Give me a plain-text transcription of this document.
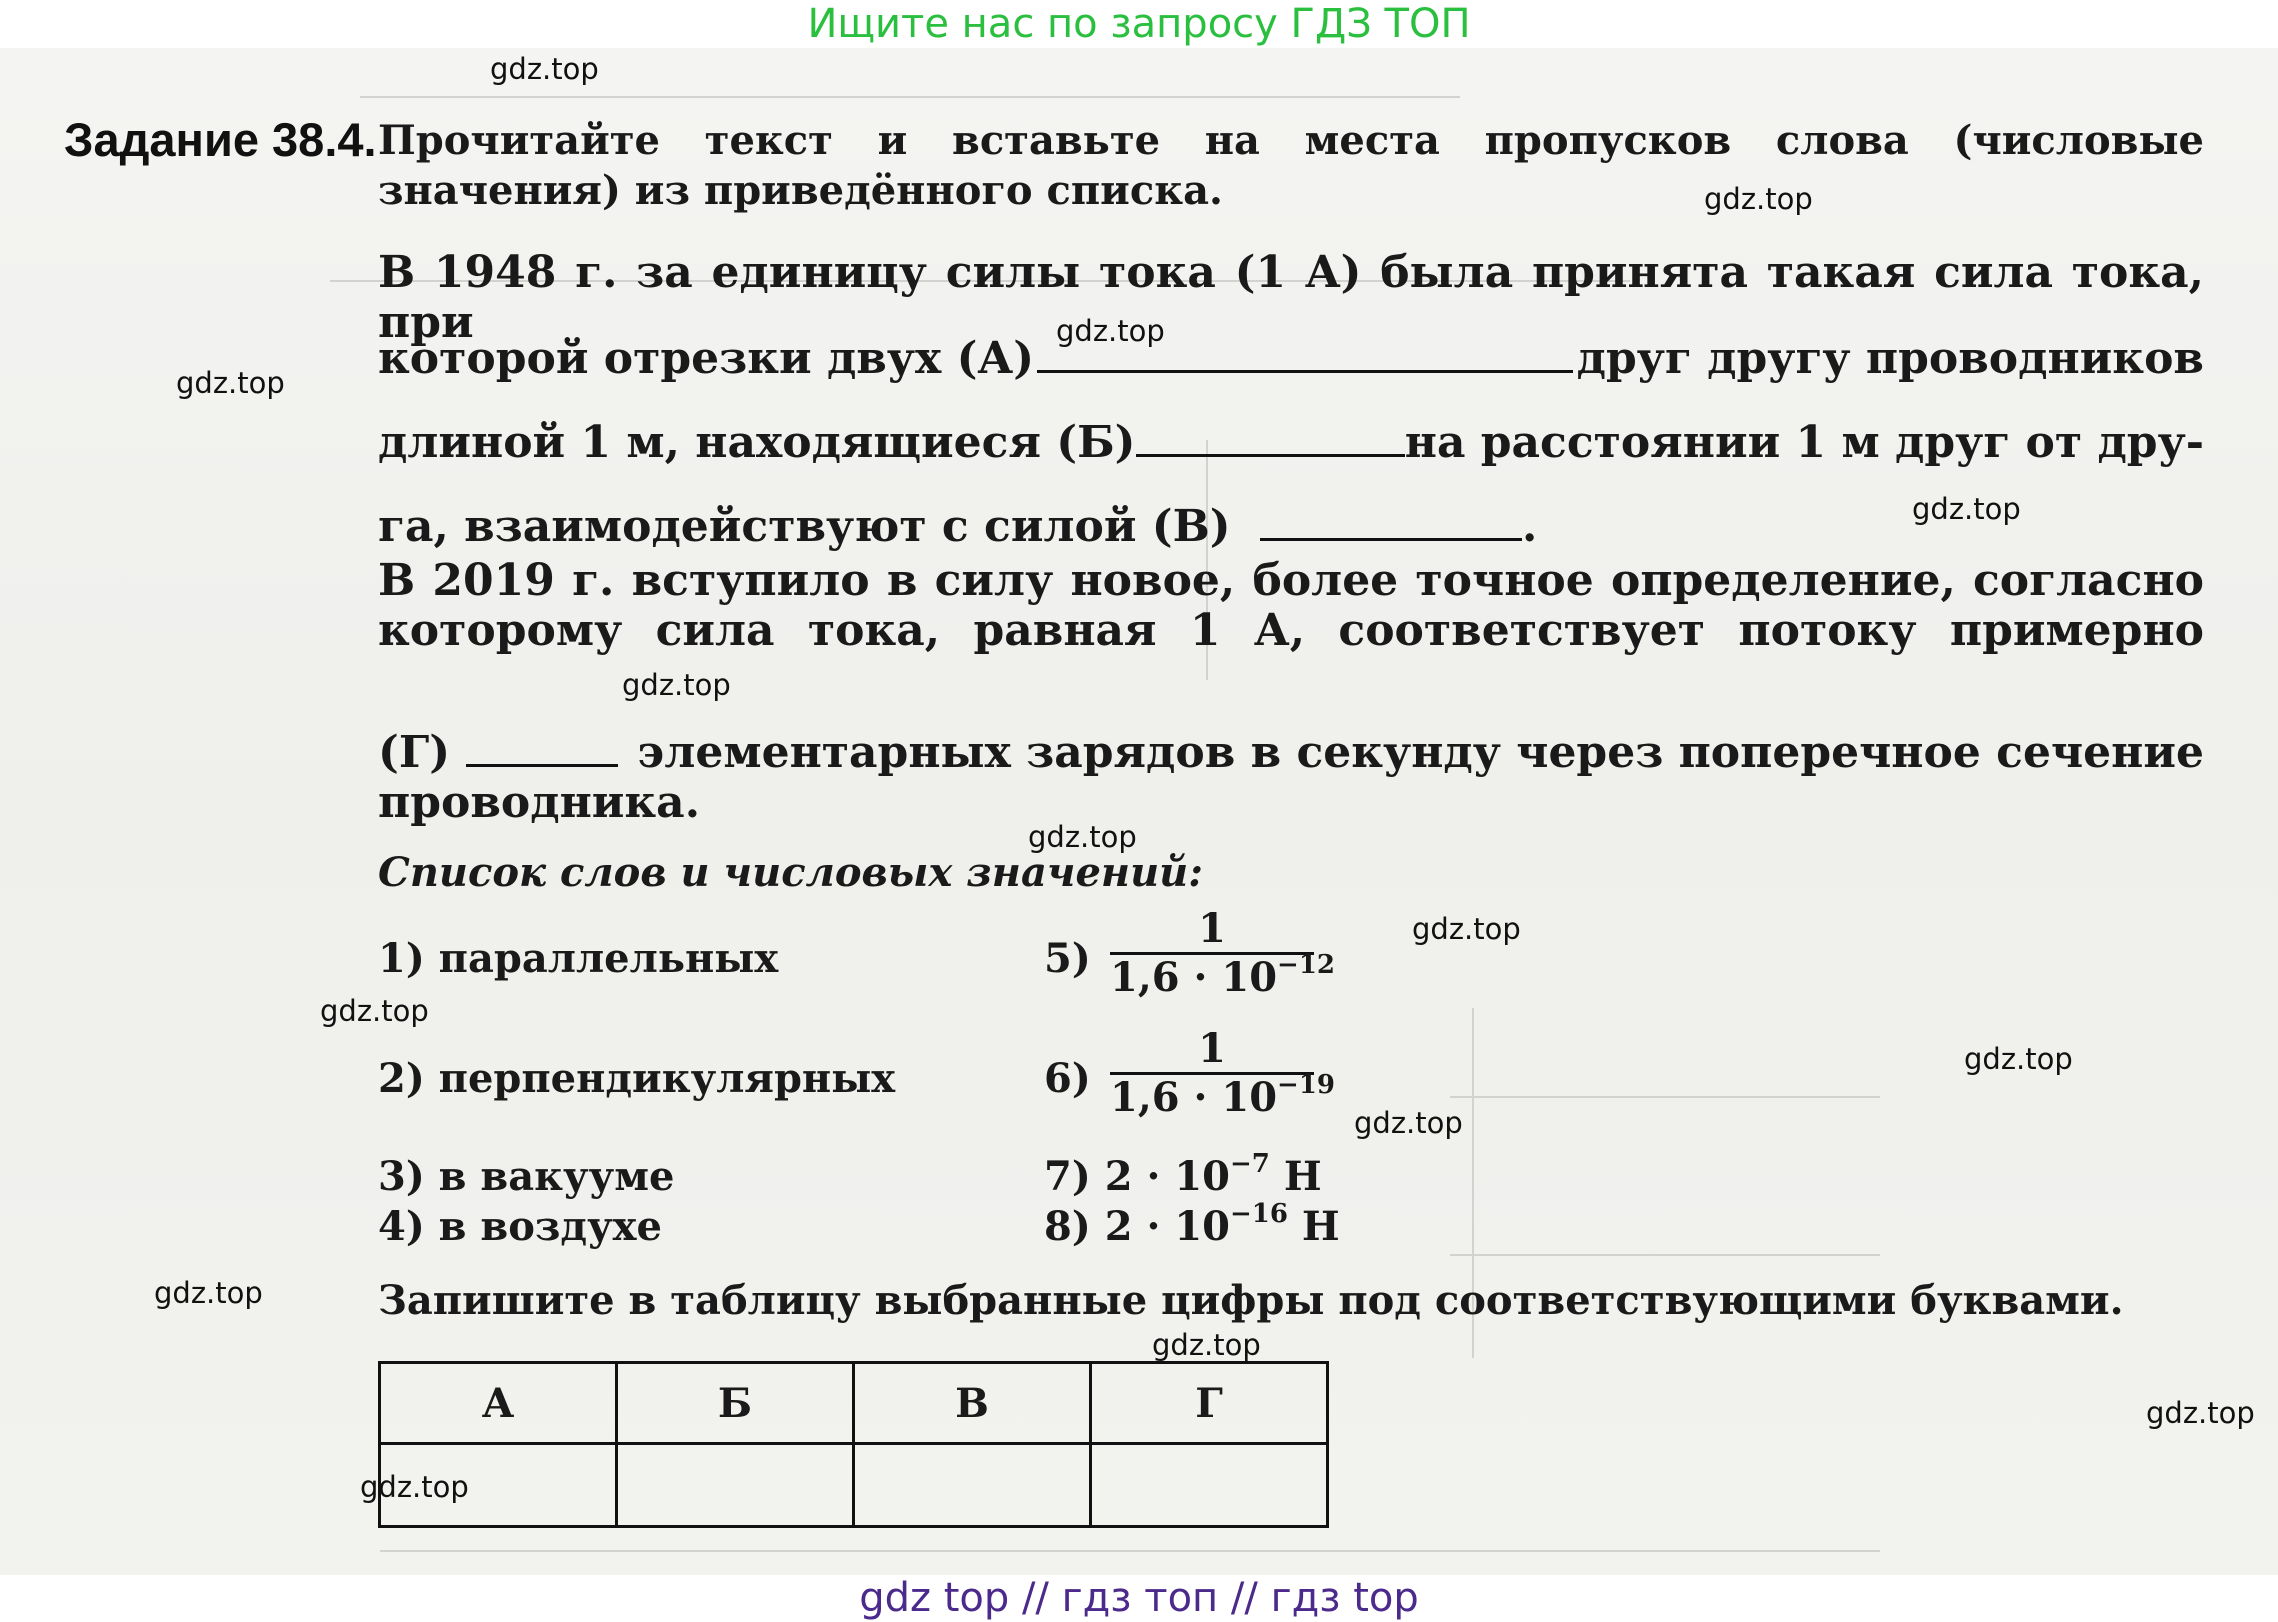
Ищите нас по запросу ГДЗ ТОП
gdz.top
gdz.top
gdz.top
gdz.top
gdz.top
gdz.top
gdz.top
gdz.top
gdz.top
gdz.top
gdz.top
gdz.top
gdz.top
gdz.top
gdz.top
Задание 38.4. Прочитайте текст и вставьте на места пропусков слова (числовые значения) из приведённого списка.
В 1948 г. за единицу силы тока (1 А) была принята такая сила тока, при
которой отрезки двух (А)	друг другу проводников
длиной 1 м, находящиеся (Б)	на расстоянии 1 м друг от дру-
га, взаимодействуют с силой (В)	.
В 2019 г. вступило в силу новое, более точное определение, согласно
которому сила тока, равная 1 А, соответствует потоку примерно
(Г)	элементарных зарядов в секунду через поперечное сечение
проводника.
Список слов и числовых значений:
1) параллельных
2) перпендикулярных
3) в вакууме
4) в воздухе
5)
1
$1,6 \cdot 10^{-12}$
6)
1
$1,6 \cdot 10^{-19}$
7) $2 \cdot 10^{-7}$ Н
8) $2 \cdot 10^{-16}$ Н
Запишите в таблицу выбранные цифры под соответствующими буквами.
А	Б	В	Г

gdz top // гдз топ // гдз top
